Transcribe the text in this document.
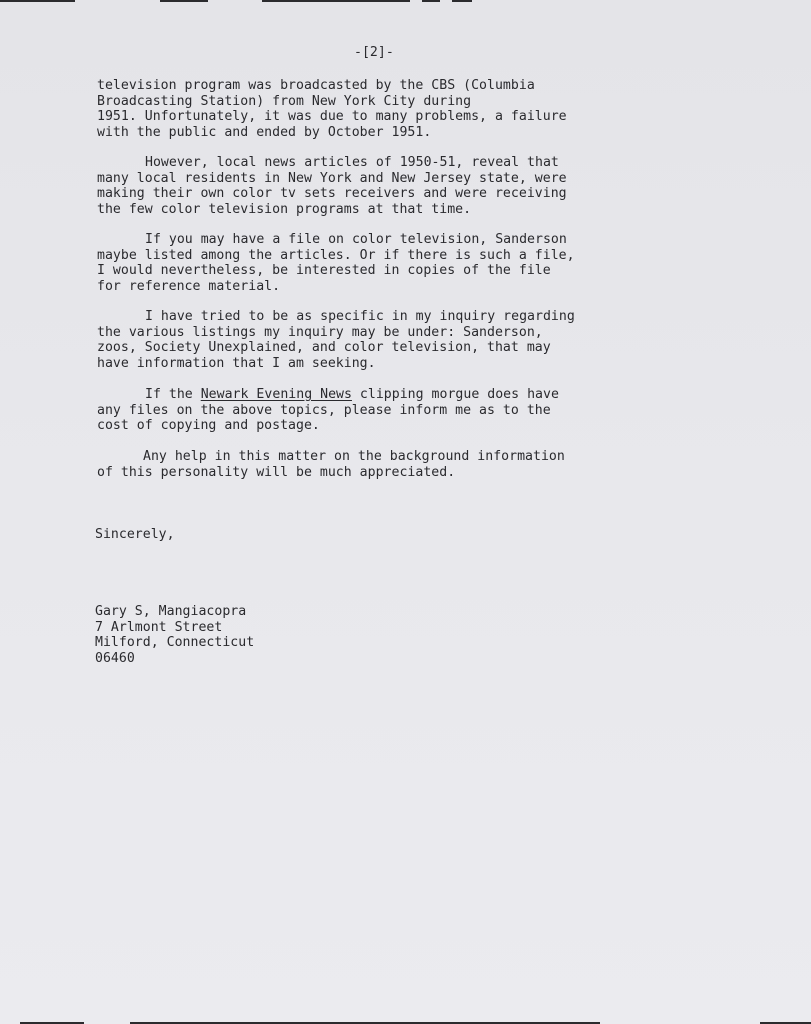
-[2]-

television program was broadcasted by the CBS (Columbia
Broadcasting Station) from New York City during
1951. Unfortunately, it was due to many problems, a failure
with the public and ended by October 1951.

However, local news articles of 1950-51, reveal that
many local residents in New York and New Jersey state, were
making their own color tv sets receivers and were receiving
the few color television programs at that time.

If you may have a file on color television, Sanderson
maybe listed among the articles. Or if there is such a file,
I would nevertheless, be interested in copies of the file
for reference material.

I have tried to be as specific in my inquiry regarding
the various listings my inquiry may be under: Sanderson,
zoos, Society Unexplained, and color television, that may
have information that I am seeking.

If the Newark Evening News clipping morgue does have
any files on the above topics, please inform me as to the
cost of copying and postage.

Any help in this matter on the background information
of this personality will be much appreciated.

Sincerely,
Gary S, Mangiacopra
7 Arlmont Street
Milford, Connecticut
06460
